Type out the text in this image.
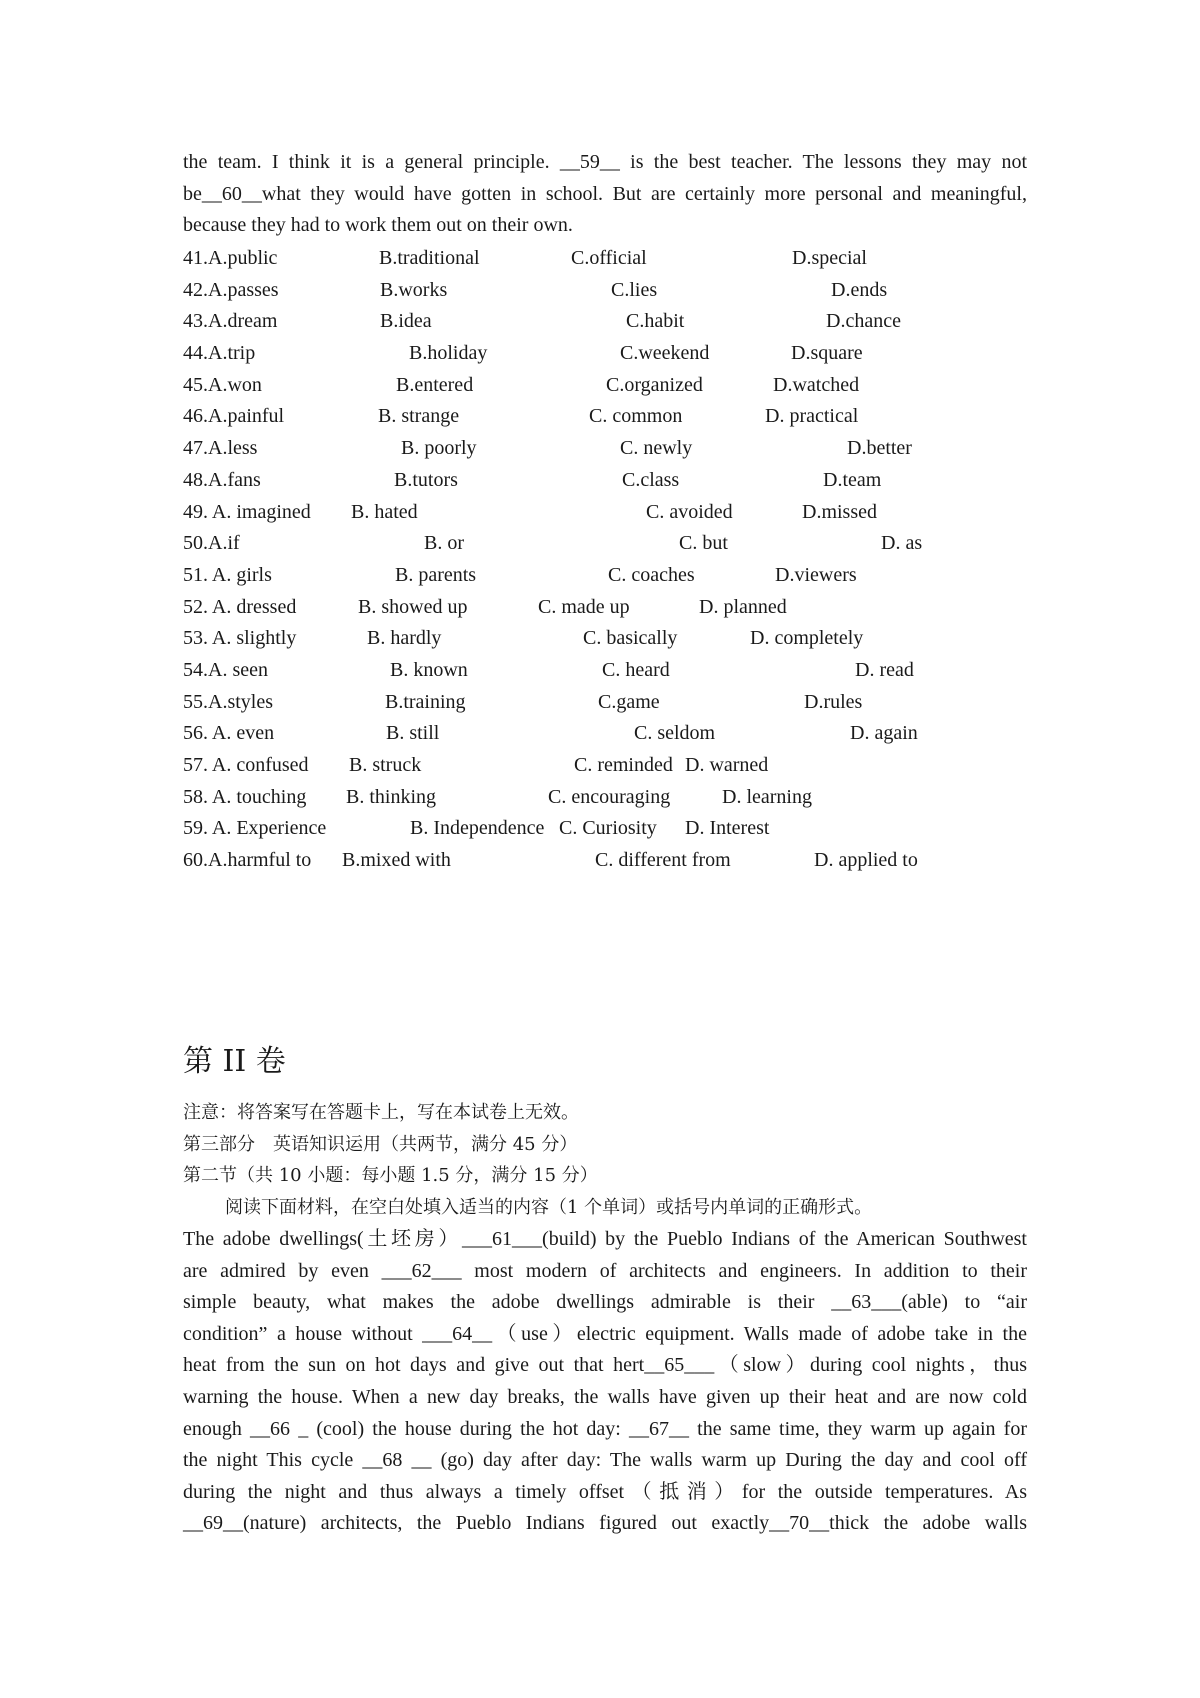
the team. I think it is a general principle. __59__ is the best teacher. The lessons they may not
be__60__what they would have gotten in school. But are certainly more personal and meaningful,
because they had to work them out on their own.
41.A.public	B.traditional	C.official	D.special
42.A.passes	B.works	C.lies	D.ends
43.A.dream	B.idea	C.habit	D.chance
44.A.trip	B.holiday	C.weekend	D.square
45.A.won	B.entered	C.organized	D.watched
46.A.painful	B. strange	C. common	D. practical
47.A.less	B. poorly	C. newly	D.better
48.A.fans	B.tutors	C.class	D.team
49. A. imagined B. hated	C. avoided	D.missed
50.A.if	B. or	C. but	D. as
51. A. girls	B. parents	C. coaches	D.viewers
52. A. dressed	B. showed up	C. made up	D. planned
53. A. slightly	B. hardly	C. basically	D. completely
54.A. seen	B. known	C. heard	D. read
55.A.styles	B.training	C.game	D.rules
56. A. even	B. still	C. seldom	D. again
57. A. confused B. struck	C. reminded D. warned
58. A. touching B. thinking	C. encouraging	D. learning
59. A. Experience	B. Independence C. Curiosity D. Interest
60.A.harmful to B.mixed with	C. different from	D. applied to
第 II 卷
注意：将答案写在答题卡上，写在本试卷上无效。
第三部分　英语知识运用（共两节，满分 45 分）
第二节（共 10 小题：每小题 1.5 分，满分 15 分）
阅读下面材料，在空白处填入适当的内容（1 个单词）或括号内单词的正确形式。
The adobe dwellings(土坯房）___61___(build) by the Pueblo Indians of the American Southwest
are admired by even ___62___ most modern of architects and engineers. In addition to their
simple beauty, what makes the adobe dwellings admirable is their __63___(able) to “air
condition” a house without ___64__（use）electric equipment. Walls made of adobe take in the
heat from the sun on hot days and give out that hert__65___（slow）during cool nights，thus
warning the house. When a new day breaks, the walls have given up their heat and are now cold
enough __66 _ (cool) the house during the hot day: __67__ the same time, they warm up again for
the night This cycle __68 __ (go) day after day: The walls warm up During the day and cool off
during the night and thus always a timely offset（抵消）for the outside temperatures. As
__69__(nature) architects, the Pueblo Indians figured out exactly__70__thick the adobe walls
